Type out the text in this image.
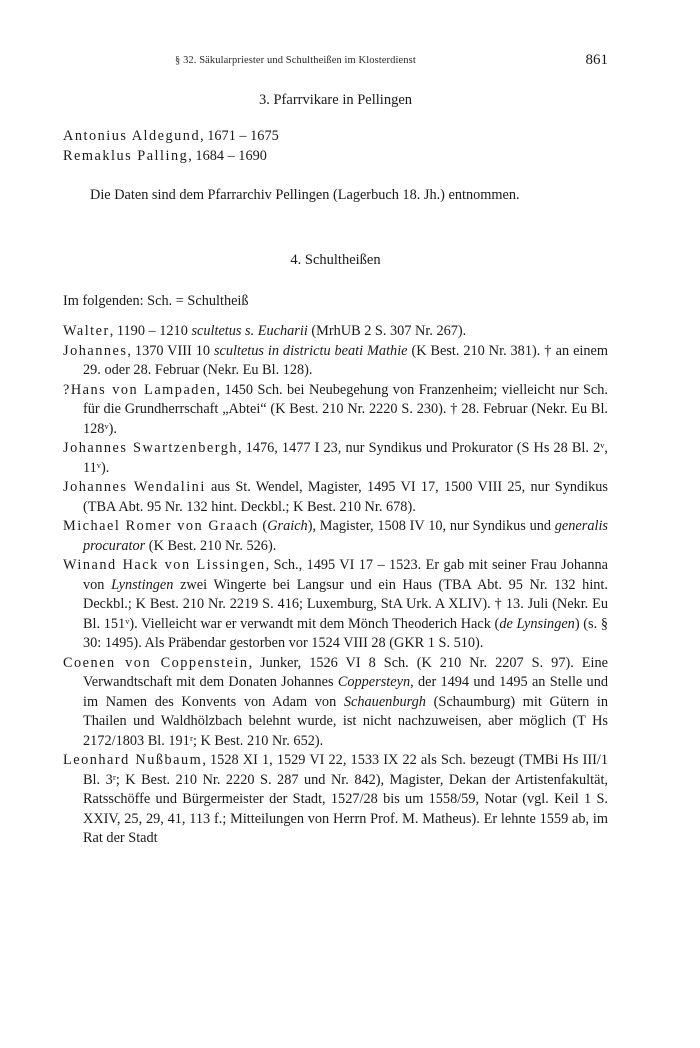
§ 32. Säkularpriester und Schultheißen im Klosterdienst	861
3. Pfarrvikare in Pellingen
Antonius Aldegund, 1671 – 1675
Remaklus Palling, 1684 – 1690
Die Daten sind dem Pfarrarchiv Pellingen (Lagerbuch 18. Jh.) entnommen.
4. Schultheißen
Im folgenden: Sch. = Schultheiß
Walter, 1190 – 1210 scultetus s. Eucharii (MrhUB 2 S. 307 Nr. 267).
Johannes, 1370 VIII 10 scultetus in districtu beati Mathie (K Best. 210 Nr. 381). † an einem 29. oder 28. Februar (Nekr. Eu Bl. 128).
?Hans von Lampaden, 1450 Sch. bei Neubegehung von Franzenheim; vielleicht nur Sch. für die Grundherrschaft „Abtei“ (K Best. 210 Nr. 2220 S. 230). † 28. Februar (Nekr. Eu Bl. 128ᵛ).
Johannes Swartzenbergh, 1476, 1477 I 23, nur Syndikus und Prokurator (S Hs 28 Bl. 2ᵛ, 11ᵛ).
Johannes Wendalini aus St. Wendel, Magister, 1495 VI 17, 1500 VIII 25, nur Syndikus (TBA Abt. 95 Nr. 132 hint. Deckbl.; K Best. 210 Nr. 678).
Michael Romer von Graach (Graich), Magister, 1508 IV 10, nur Syndikus und generalis procurator (K Best. 210 Nr. 526).
Winand Hack von Lissingen, Sch., 1495 VI 17 – 1523. Er gab mit seiner Frau Johanna von Lynstingen zwei Wingerte bei Langsur und ein Haus (TBA Abt. 95 Nr. 132 hint. Deckbl.; K Best. 210 Nr. 2219 S. 416; Luxemburg, StA Urk. A XLIV). † 13. Juli (Nekr. Eu Bl. 151ᵛ). Vielleicht war er verwandt mit dem Mönch Theoderich Hack (de Lynsingen) (s. § 30: 1495). Als Präbendar gestorben vor 1524 VIII 28 (GKR 1 S. 510).
Coenen von Coppenstein, Junker, 1526 VI 8 Sch. (K 210 Nr. 2207 S. 97). Eine Verwandtschaft mit dem Donaten Johannes Coppersteyn, der 1494 und 1495 an Stelle und im Namen des Konvents von Adam von Schauenburgh (Schaumburg) mit Gütern in Thailen und Waldhölzbach belehnt wurde, ist nicht nachzuweisen, aber möglich (T Hs 2172/1803 Bl. 191ʳ; K Best. 210 Nr. 652).
Leonhard Nußbaum, 1528 XI 1, 1529 VI 22, 1533 IX 22 als Sch. bezeugt (TMBi Hs III/1 Bl. 3ʳ; K Best. 210 Nr. 2220 S. 287 und Nr. 842), Magister, Dekan der Artistenfakultät, Ratsschöffe und Bürgermeister der Stadt, 1527/28 bis um 1558/59, Notar (vgl. Keil 1 S. XXIV, 25, 29, 41, 113 f.; Mitteilungen von Herrn Prof. M. Matheus). Er lehnte 1559 ab, im Rat der Stadt
